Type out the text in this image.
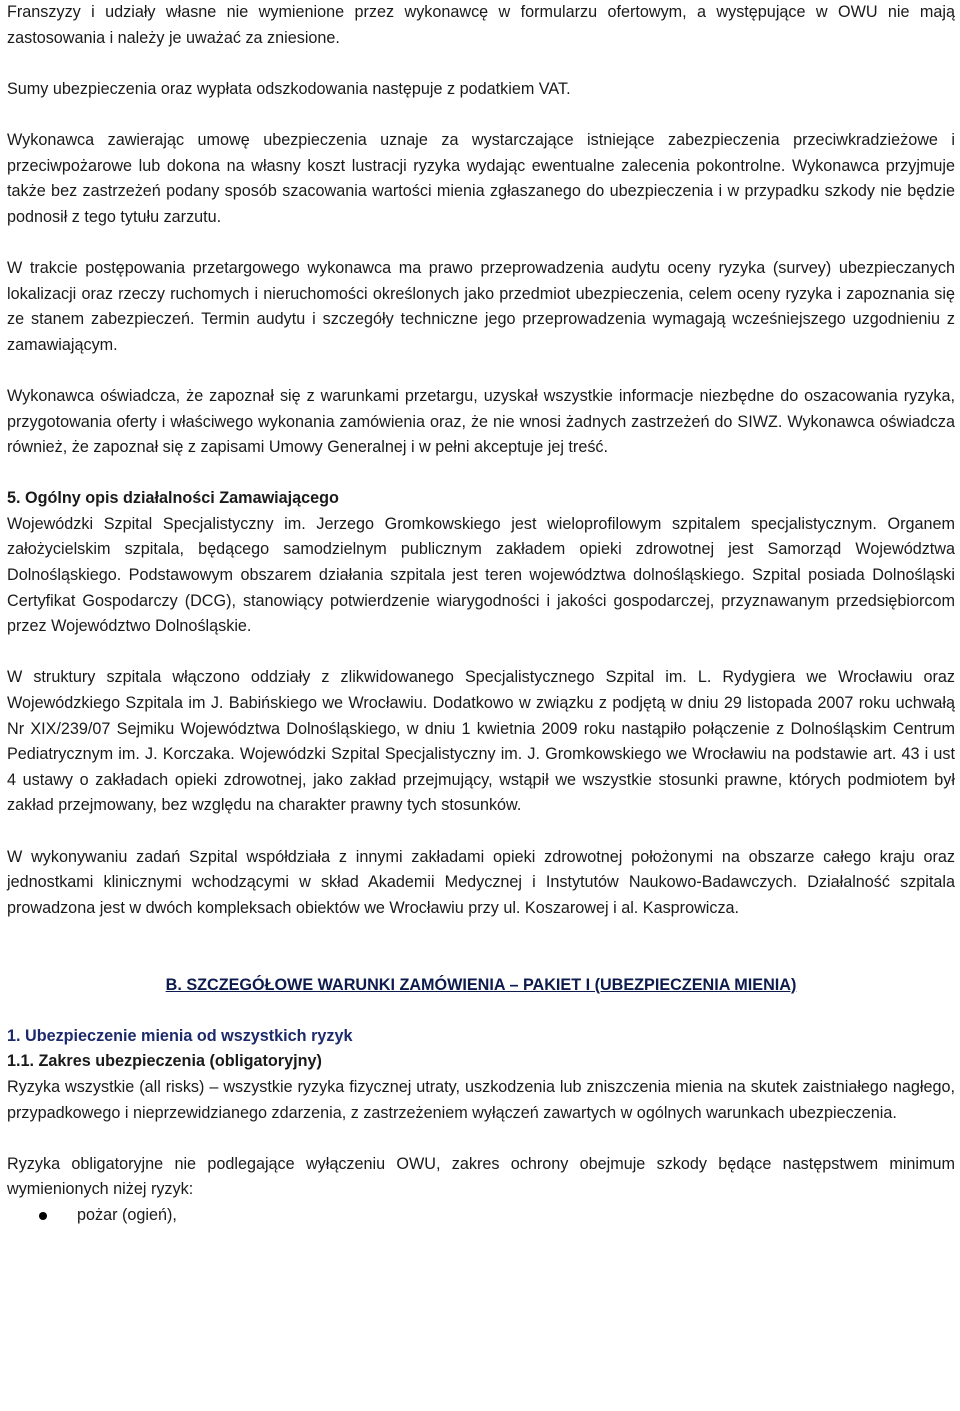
Franszyzy i udziały własne nie wymienione przez wykonawcę w formularzu ofertowym, a występujące w OWU nie mają zastosowania i należy je uważać za zniesione.

Sumy ubezpieczenia oraz wypłata odszkodowania następuje z podatkiem VAT.

Wykonawca zawierając umowę ubezpieczenia uznaje za wystarczające istniejące zabezpieczenia przeciwkradzieżowe i przeciwpożarowe lub dokona na własny koszt lustracji ryzyka wydając ewentualne zalecenia pokontrolne. Wykonawca przyjmuje także bez zastrzeżeń podany sposób szacowania wartości mienia zgłaszanego do ubezpieczenia i w przypadku szkody nie będzie podnosił z tego tytułu zarzutu.

W trakcie postępowania przetargowego wykonawca ma prawo przeprowadzenia audytu oceny ryzyka (survey) ubezpieczanych lokalizacji oraz rzeczy ruchomych i nieruchomości określonych jako przedmiot ubezpieczenia, celem oceny ryzyka i zapoznania się ze stanem zabezpieczeń. Termin audytu i szczegóły techniczne jego przeprowadzenia wymagają wcześniejszego uzgodnieniu z zamawiającym.

Wykonawca oświadcza, że zapoznał się z warunkami przetargu, uzyskał wszystkie informacje niezbędne do oszacowania ryzyka, przygotowania oferty i właściwego wykonania zamówienia oraz, że nie wnosi żadnych zastrzeżeń do SIWZ. Wykonawca oświadcza również, że zapoznał się z zapisami Umowy Generalnej i w pełni akceptuje jej treść.

5. Ogólny opis działalności Zamawiającego

Wojewódzki Szpital Specjalistyczny im. Jerzego Gromkowskiego jest wieloprofilowym szpitalem specjalistycznym. Organem założycielskim szpitala, będącego samodzielnym publicznym zakładem opieki zdrowotnej jest Samorząd Województwa Dolnośląskiego. Podstawowym obszarem działania szpitala jest teren województwa dolnośląskiego. Szpital posiada Dolnośląski Certyfikat Gospodarczy (DCG), stanowiący potwierdzenie wiarygodności i jakości gospodarczej, przyznawanym przedsiębiorcom przez Województwo Dolnośląskie.

W struktury szpitala włączono oddziały z zlikwidowanego Specjalistycznego Szpital im. L. Rydygiera we Wrocławiu oraz Wojewódzkiego Szpitala im J. Babińskiego we Wrocławiu. Dodatkowo w związku z podjętą w dniu 29 listopada 2007 roku uchwałą Nr XIX/239/07 Sejmiku Województwa Dolnośląskiego, w dniu 1 kwietnia 2009 roku nastąpiło połączenie z Dolnośląskim Centrum Pediatrycznym im. J. Korczaka. Wojewódzki Szpital Specjalistyczny im. J. Gromkowskiego we Wrocławiu na podstawie art. 43 i ust 4 ustawy o zakładach opieki zdrowotnej, jako zakład przejmujący, wstąpił we wszystkie stosunki prawne, których podmiotem był zakład przejmowany, bez względu na charakter prawny tych stosunków.

W wykonywaniu zadań Szpital współdziała z innymi zakładami opieki zdrowotnej położonymi na obszarze całego kraju oraz jednostkami klinicznymi wchodzącymi w skład Akademii Medycznej i Instytutów Naukowo-Badawczych. Działalność szpitala prowadzona jest w dwóch kompleksach obiektów we Wrocławiu przy ul. Koszarowej i al. Kasprowicza.

B. SZCZEGÓŁOWE WARUNKI ZAMÓWIENIA – PAKIET I (UBEZPIECZENIA MIENIA)

1. Ubezpieczenie mienia od wszystkich ryzyk

1.1. Zakres ubezpieczenia (obligatoryjny)

Ryzyka wszystkie (all risks) – wszystkie ryzyka fizycznej utraty, uszkodzenia lub zniszczenia mienia na skutek zaistniałego nagłego, przypadkowego i nieprzewidzianego zdarzenia, z zastrzeżeniem wyłączeń zawartych w ogólnych warunkach ubezpieczenia.

Ryzyka obligatoryjne nie podlegające wyłączeniu OWU, zakres ochrony obejmuje szkody będące następstwem minimum wymienionych niżej ryzyk:

pożar (ogień),
